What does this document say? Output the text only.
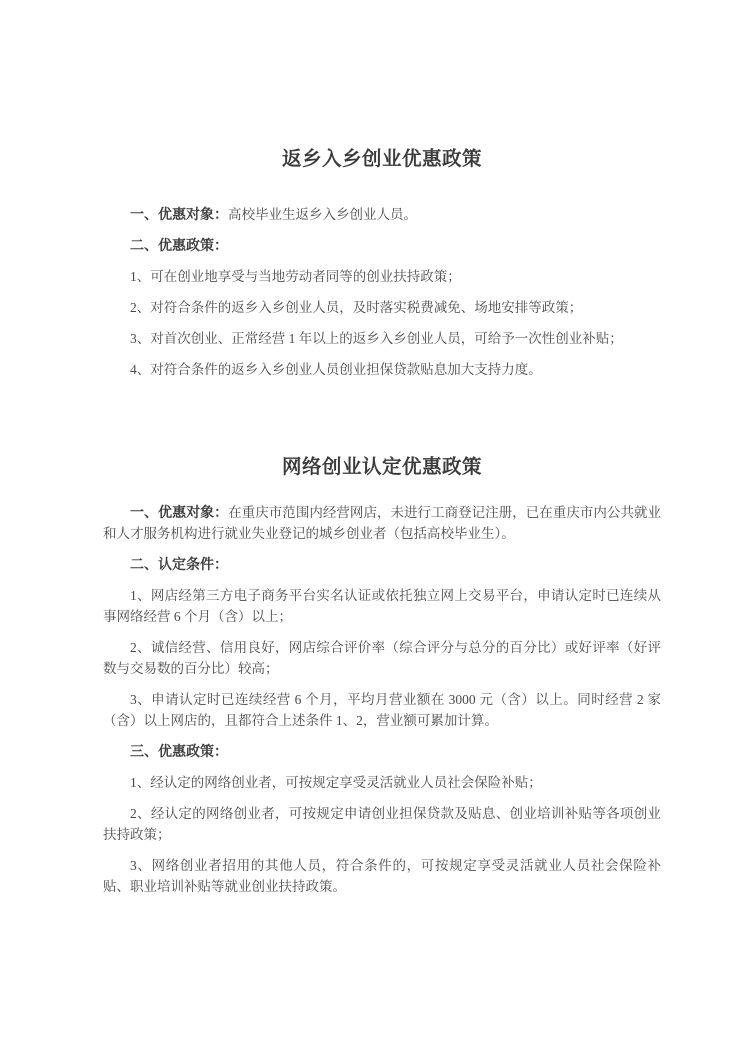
返乡入乡创业优惠政策

一、优惠对象：高校毕业生返乡入乡创业人员。

二、优惠政策：

1、可在创业地享受与当地劳动者同等的创业扶持政策；

2、对符合条件的返乡入乡创业人员，及时落实税费减免、场地安排等政策；

3、对首次创业、正常经营 1 年以上的返乡入乡创业人员，可给予一次性创业补贴；

4、对符合条件的返乡入乡创业人员创业担保贷款贴息加大支持力度。

网络创业认定优惠政策

一、优惠对象：在重庆市范围内经营网店，未进行工商登记注册，已在重庆市内公共就业和人才服务机构进行就业失业登记的城乡创业者（包括高校毕业生）。

二、认定条件：

1、网店经第三方电子商务平台实名认证或依托独立网上交易平台，申请认定时已连续从事网络经营 6 个月（含）以上；

2、诚信经营、信用良好，网店综合评价率（综合评分与总分的百分比）或好评率（好评数与交易数的百分比）较高；

3、申请认定时已连续经营 6 个月，平均月营业额在 3000 元（含）以上。同时经营 2 家（含）以上网店的，且都符合上述条件 1、2，营业额可累加计算。

三、优惠政策：

1、经认定的网络创业者，可按规定享受灵活就业人员社会保险补贴；

2、经认定的网络创业者，可按规定申请创业担保贷款及贴息、创业培训补贴等各项创业扶持政策；

3、网络创业者招用的其他人员，符合条件的，可按规定享受灵活就业人员社会保险补贴、职业培训补贴等就业创业扶持政策。
